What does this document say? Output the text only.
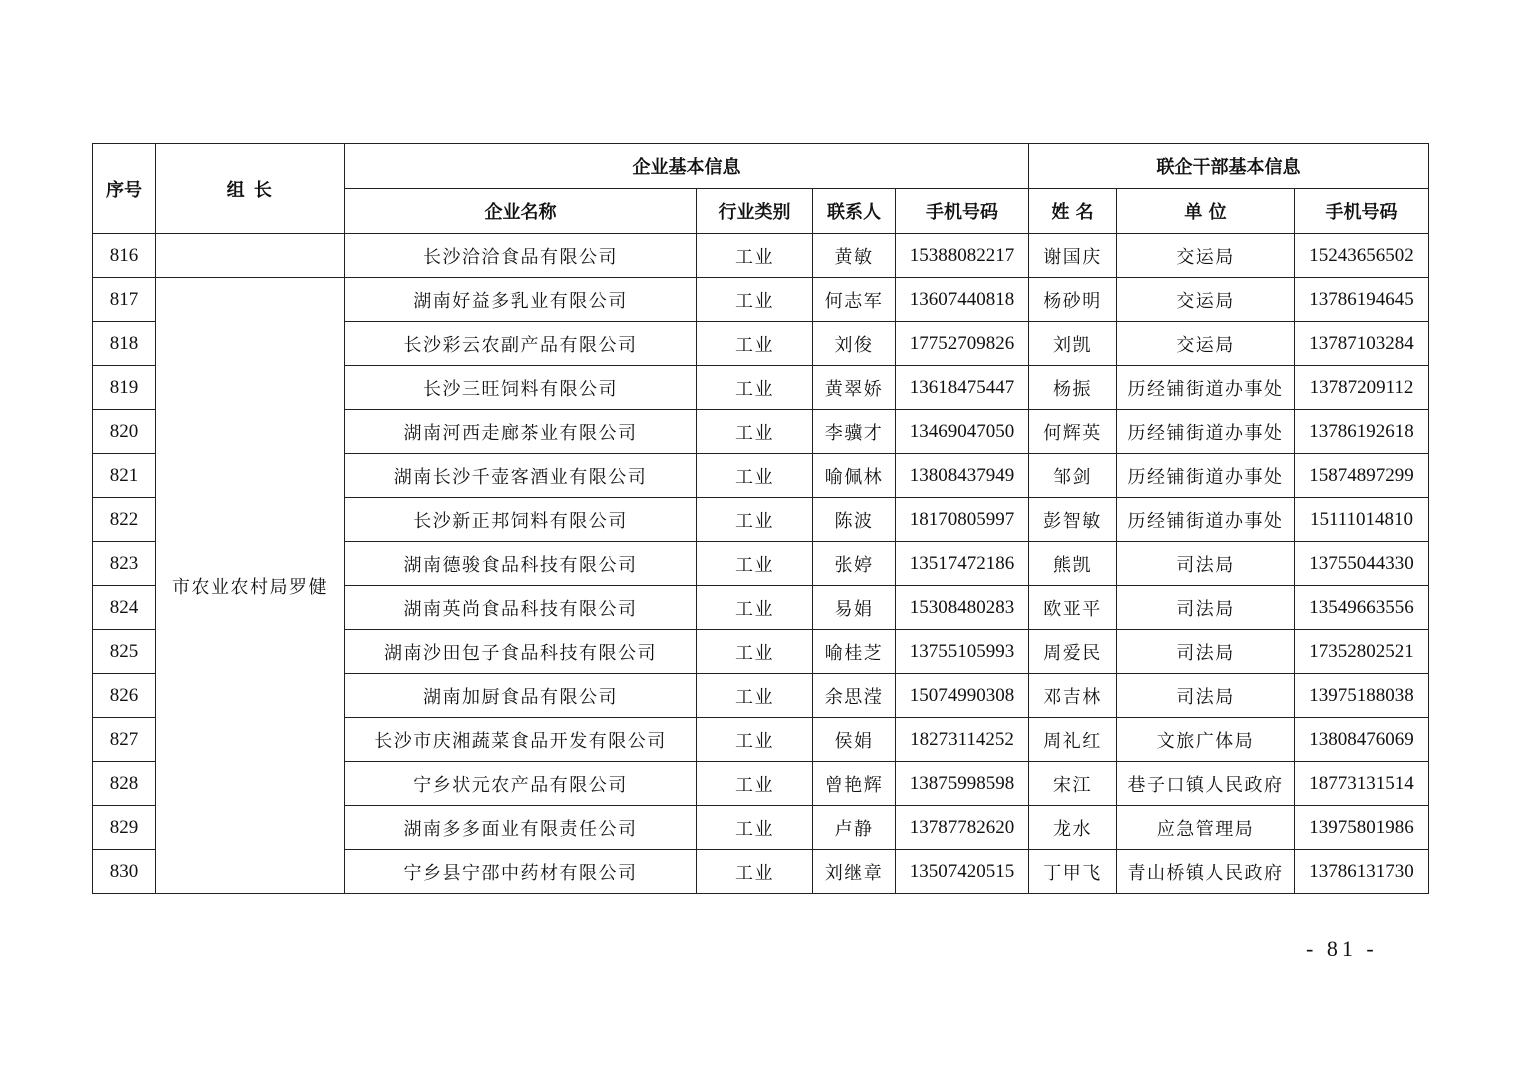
序号	组 长	企业基本信息				联企干部基本信息		
		企业名称	行业类别	联系人	手机号码	姓 名	单 位	手机号码
816		长沙洽洽食品有限公司	工业	黄敏	15388082217	谢国庆	交运局	15243656502
817	市农业农村局罗健	湖南好益多乳业有限公司	工业	何志军	13607440818	杨砂明	交运局	13786194645
818		长沙彩云农副产品有限公司	工业	刘俊	17752709826	刘凯	交运局	13787103284
819		长沙三旺饲料有限公司	工业	黄翠娇	13618475447	杨振	历经铺街道办事处	13787209112
820		湖南河西走廊茶业有限公司	工业	李骥才	13469047050	何辉英	历经铺街道办事处	13786192618
821		湖南长沙千壶客酒业有限公司	工业	喻佩林	13808437949	邹剑	历经铺街道办事处	15874897299
822		长沙新正邦饲料有限公司	工业	陈波	18170805997	彭智敏	历经铺街道办事处	15111014810
823		湖南德骏食品科技有限公司	工业	张婷	13517472186	熊凯	司法局	13755044330
824		湖南英尚食品科技有限公司	工业	易娟	15308480283	欧亚平	司法局	13549663556
825		湖南沙田包子食品科技有限公司	工业	喻桂芝	13755105993	周爱民	司法局	17352802521
826		湖南加厨食品有限公司	工业	余思滢	15074990308	邓吉林	司法局	13975188038
827		长沙市庆湘蔬菜食品开发有限公司	工业	侯娟	18273114252	周礼红	文旅广体局	13808476069
828		宁乡状元农产品有限公司	工业	曾艳辉	13875998598	宋江	巷子口镇人民政府	18773131514
829		湖南多多面业有限责任公司	工业	卢静	13787782620	龙水	应急管理局	13975801986
830		宁乡县宁邵中药材有限公司	工业	刘继章	13507420515	丁甲飞	青山桥镇人民政府	13786131730
- 81 -
